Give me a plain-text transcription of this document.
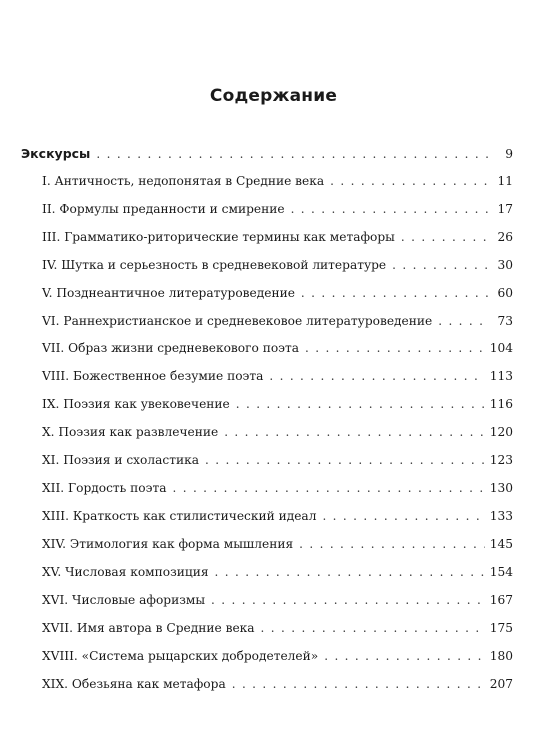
Содержание
Экскурсы . . .	9
I. Античность, недопонятая в Средние века . . .	11
II. Формулы преданности и смирение . . .	17
III. Грамматико-риторические термины как метафоры . . .	26
IV. Шутка и серьезность в средневековой литературе . . .	30
V. Позднеантичное литературоведение . . .	60
VI. Раннехристианское и средневековое литературоведение . . .	73
VII. Образ жизни средневекового поэта . . .	104
VIII. Божественное безумие поэта . . .	113
IX. Поэзия как увековечение . . .	116
X. Поэзия как развлечение . . .	120
XI. Поэзия и схоластика . . .	123
XII. Гордость поэта . . .	130
XIII. Краткость как стилистический идеал . . .	133
XIV. Этимология как форма мышления . . .	145
XV. Числовая композиция . . .	154
XVI. Числовые афоризмы . . .	167
XVII. Имя автора в Средние века . . .	175
XVIII. «Система рыцарских добродетелей» . . .	180
XIX. Обезьяна как метафора . . .	207
